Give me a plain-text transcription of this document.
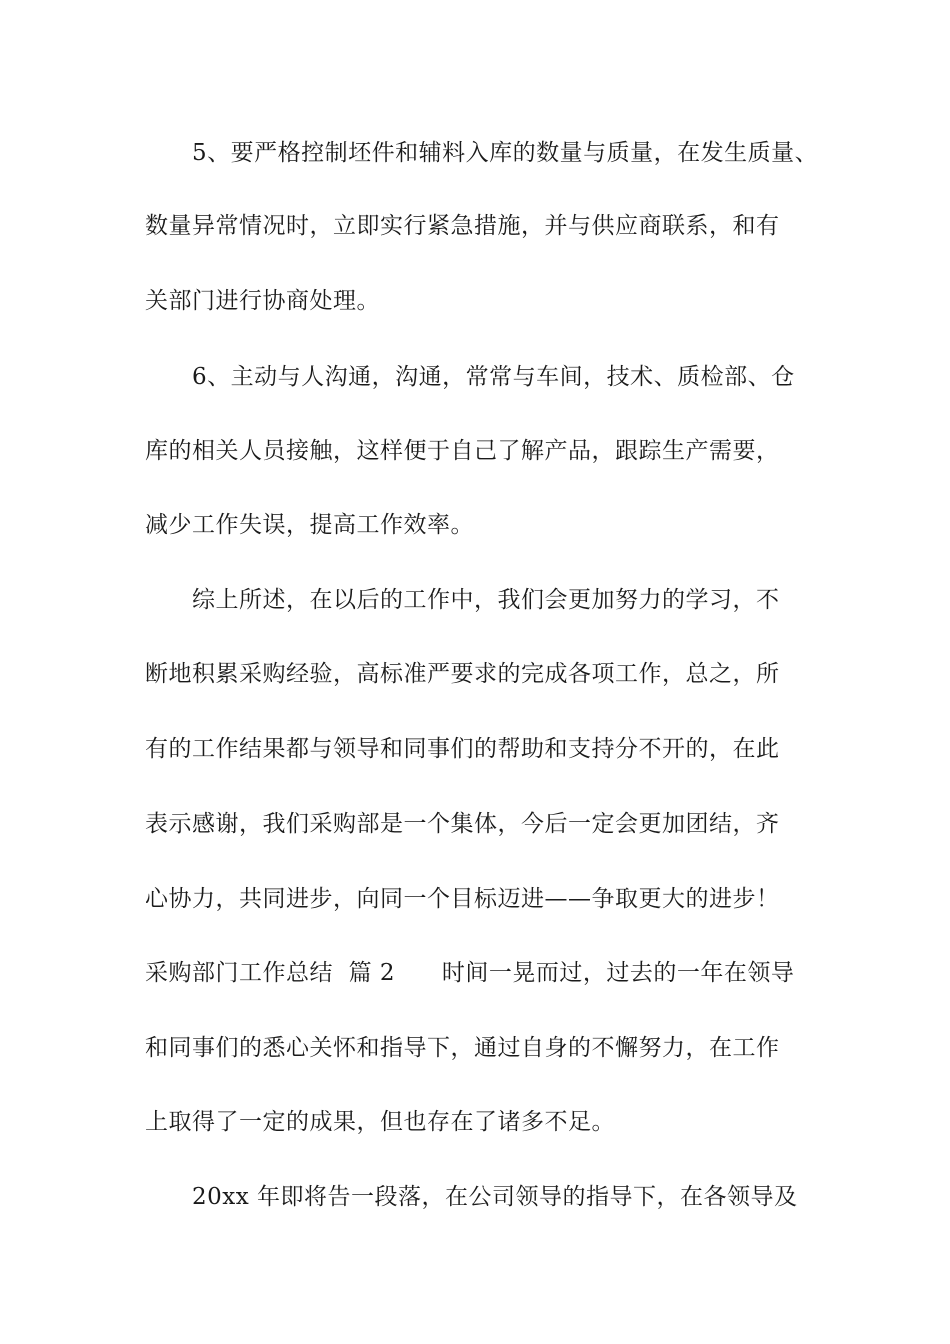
5、要严格控制坯件和辅料入库的数量与质量，在发生质量、
数量异常情况时，立即实行紧急措施，并与供应商联系，和有
关部门进行协商处理。
6、主动与人沟通，沟通，常常与车间，技术、质检部、仓
库的相关人员接触，这样便于自己了解产品，跟踪生产需要，
减少工作失误，提高工作效率。
综上所述，在以后的工作中，我们会更加努力的学习，不
断地积累采购经验，高标准严要求的完成各项工作，总之，所
有的工作结果都与领导和同事们的帮助和支持分不开的，在此
表示感谢，我们采购部是一个集体，今后一定会更加团结，齐
心协力，共同进步，向同一个目标迈进——争取更大的进步！
采购部门工作总结  篇 2      时间一晃而过，过去的一年在领导
和同事们的悉心关怀和指导下，通过自身的不懈努力，在工作
上取得了一定的成果，但也存在了诸多不足。
20xx 年即将告一段落，在公司领导的指导下，在各领导及
